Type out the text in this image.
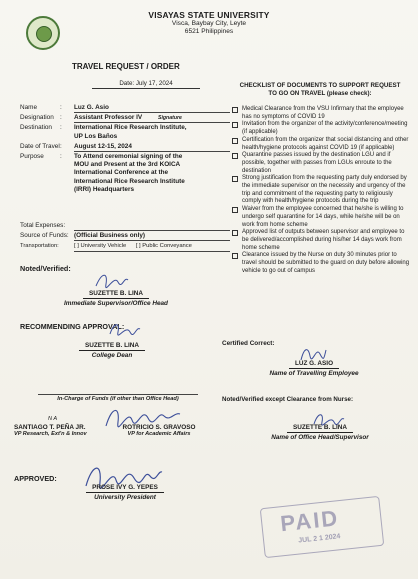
VISAYAS STATE UNIVERSITY
Visca, Baybay City, Leyte
6521 Philippines
TRAVEL REQUEST / ORDER
Date: July 17, 2024	CHECKLIST OF DOCUMENTS TO SUPPORT REQUEST
TO GO ON TRAVEL (please check):
Name	:	Luz G. Asio
Designation :	Assistant Professor IV	Signature
Destination	:	International Rice Research Institute,
UP Los Baños
Date of Travel :	August 12-15, 2024
Purpose	:	To Attend ceremonial signing of the
MOU and Present at the 3rd KOICA
International Conference at the
International Rice Research Institute
(IRRI) Headquarters
Total Expenses:

Source of Funds: (Official Business only)
Transportation:	[ ] University Vehicle [ ] Public Conveyance
Medical Clearance from the VSU Infirmary that the employee has no symptoms of COVID 19
Invitation from the organizer of the activity/conference/meeting (if applicable)
Certification from the organizer that social distancing and other health/hygiene protocols against COVID 19 (if applicable)
Quarantine passes issued by the destination LGU and if possible, together with passes from LGUs enroute to the destination
Strong justification from the requesting party duly endorsed by the immediate supervisor on the necessity and urgency of the trip and commitment of the requesting party to religiously comply with health/hygiene protocols during the trip
Waiver from the employee concerned that he/she is willing to undergo self quarantine for 14 days, while he/she will be on work from home scheme
Approved list of outputs between supervisor and employee to be delivered/accomplished during his/her 14 days work from home scheme
Clearance issued by the Nurse on duty 30 minutes prior to travel should be submitted to the guard on duty before allowing vehicle to go out of campus
Noted/Verified:
SUZETTE B. LINA
Immediate Supervisor/Office Head
RECOMMENDING APPROVAL:
SUZETTE B. LINA
College Dean
Certified Correct:
LUZ G. ASIO
Name of Travelling Employee
In-Charge of Funds (if other than Office Head)
N A
SANTIAGO T. PEÑA JR.
VP Research, Ext'n & Innov
ROTRICIO S. GRAVOSO
VP for Academic Affairs
Noted/Verified except Clearance from Nurse:
SUZETTE B. LINA
Name of Office Head/Supervisor
APPROVED:
PROSE IVY G. YEPES
University President
PAID
JUL 2 1 2024
